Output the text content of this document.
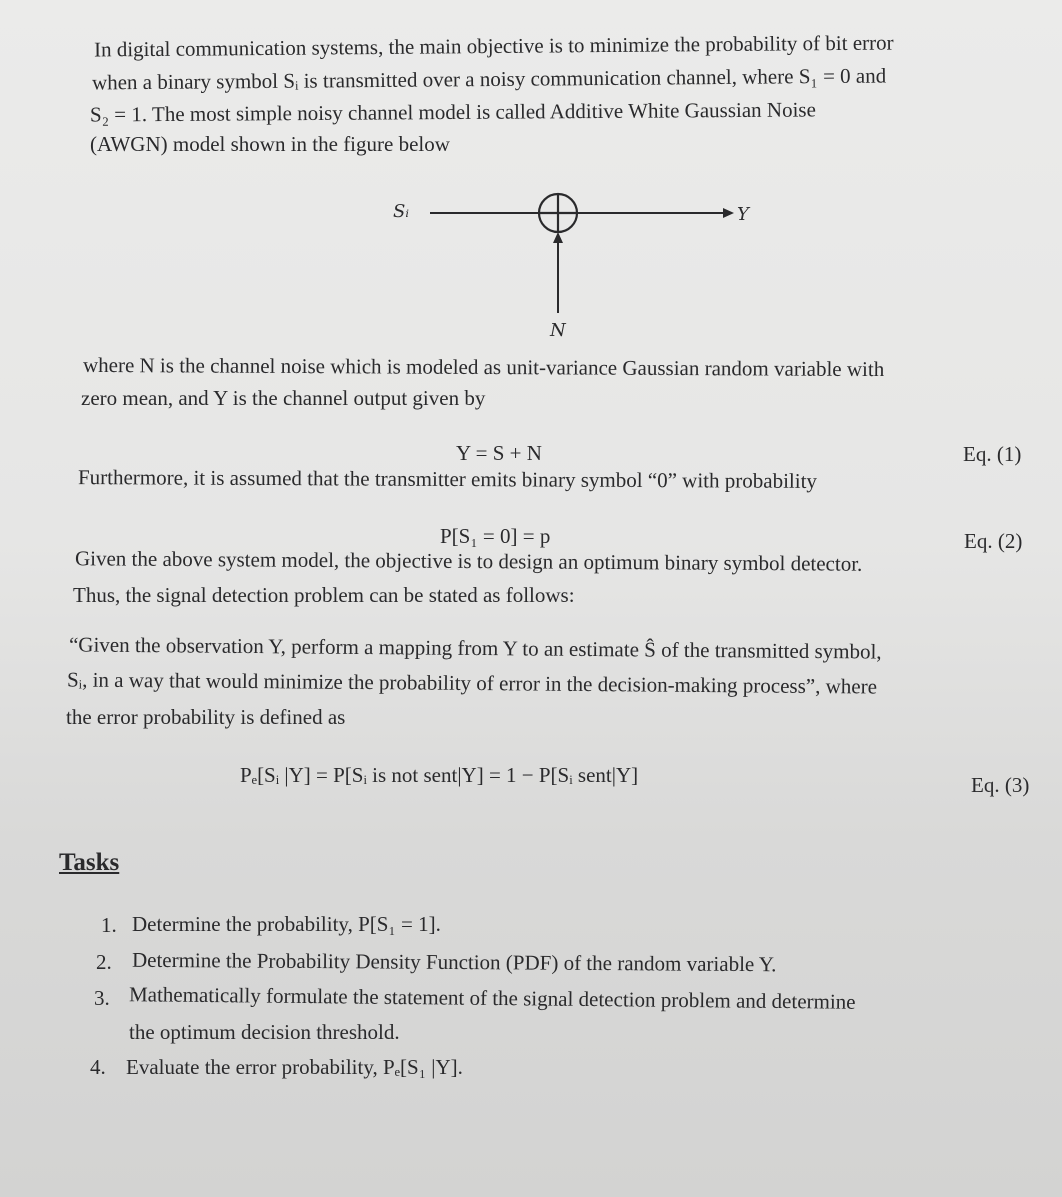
In digital communication systems, the main objective is to minimize the probability of bit error
when a binary symbol Sᵢ is transmitted over a noisy communication channel, where S₁ = 0 and
S₂ = 1. The most simple noisy channel model is called Additive White Gaussian Noise
(AWGN) model shown in the figure below
Sᵢ	Y
N
where N is the channel noise which is modeled as unit-variance Gaussian random variable with
zero mean, and Y is the channel output given by
Y = S + N	Eq. (1)
Furthermore, it is assumed that the transmitter emits binary symbol “0” with probability
P[S₁ = 0] = p	Eq. (2)
Given the above system model, the objective is to design an optimum binary symbol detector.
Thus, the signal detection problem can be stated as follows:
“Given the observation Y, perform a mapping from Y to an estimate Ŝ of the transmitted symbol,
Sᵢ, in a way that would minimize the probability of error in the decision-making process”, where
the error probability is defined as
Pₑ[Sᵢ |Y] = P[Sᵢ is not sent|Y] = 1 − P[Sᵢ sent|Y]	Eq. (3)
Tasks
1. Determine the probability, P[S₁ = 1].
2. Determine the Probability Density Function (PDF) of the random variable Y.
3. Mathematically formulate the statement of the signal detection problem and determine
the optimum decision threshold.
4. Evaluate the error probability, Pₑ[S₁ |Y].
